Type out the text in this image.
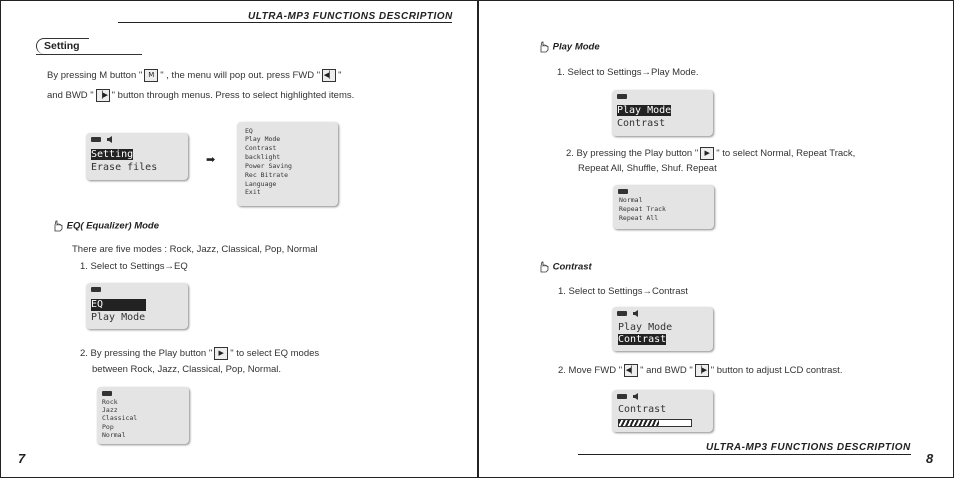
ULTRA-MP3 FUNCTIONS DESCRIPTION
Setting
By pressing M button " M " , the menu will pop out. press FWD " ◀▏ "
and BWD " ▕▶ " button through menus. Press to select highlighted items.
Setting
Erase files
➡
EQ
Play Mode
Contrast
backlight
Power Saving
Rec Bitrate
Language
Exit
EQ( Equalizer) Mode
There are five modes : Rock, Jazz, Classical, Pop, Normal
1. Select to Settings→EQ
EQ
Play Mode
2. By pressing the Play button " ▶ " to select EQ modes
between Rock, Jazz, Classical, Pop, Normal.
Rock
Jazz
Classical
Pop
Normal
7
Play Mode
1. Select to Settings→Play Mode.
Play Mode
Contrast
2. By pressing the Play button " ▶ " to select Normal, Repeat Track,
Repeat All, Shuffle, Shuf. Repeat
Normal
Repeat Track
Repeat All
Contrast
1. Select to Settings→Contrast
Play Mode
Contrast
2. Move FWD " ◀▏ " and BWD " ▕▶ " button to adjust LCD contrast.
Contrast
ULTRA-MP3 FUNCTIONS DESCRIPTION
8
